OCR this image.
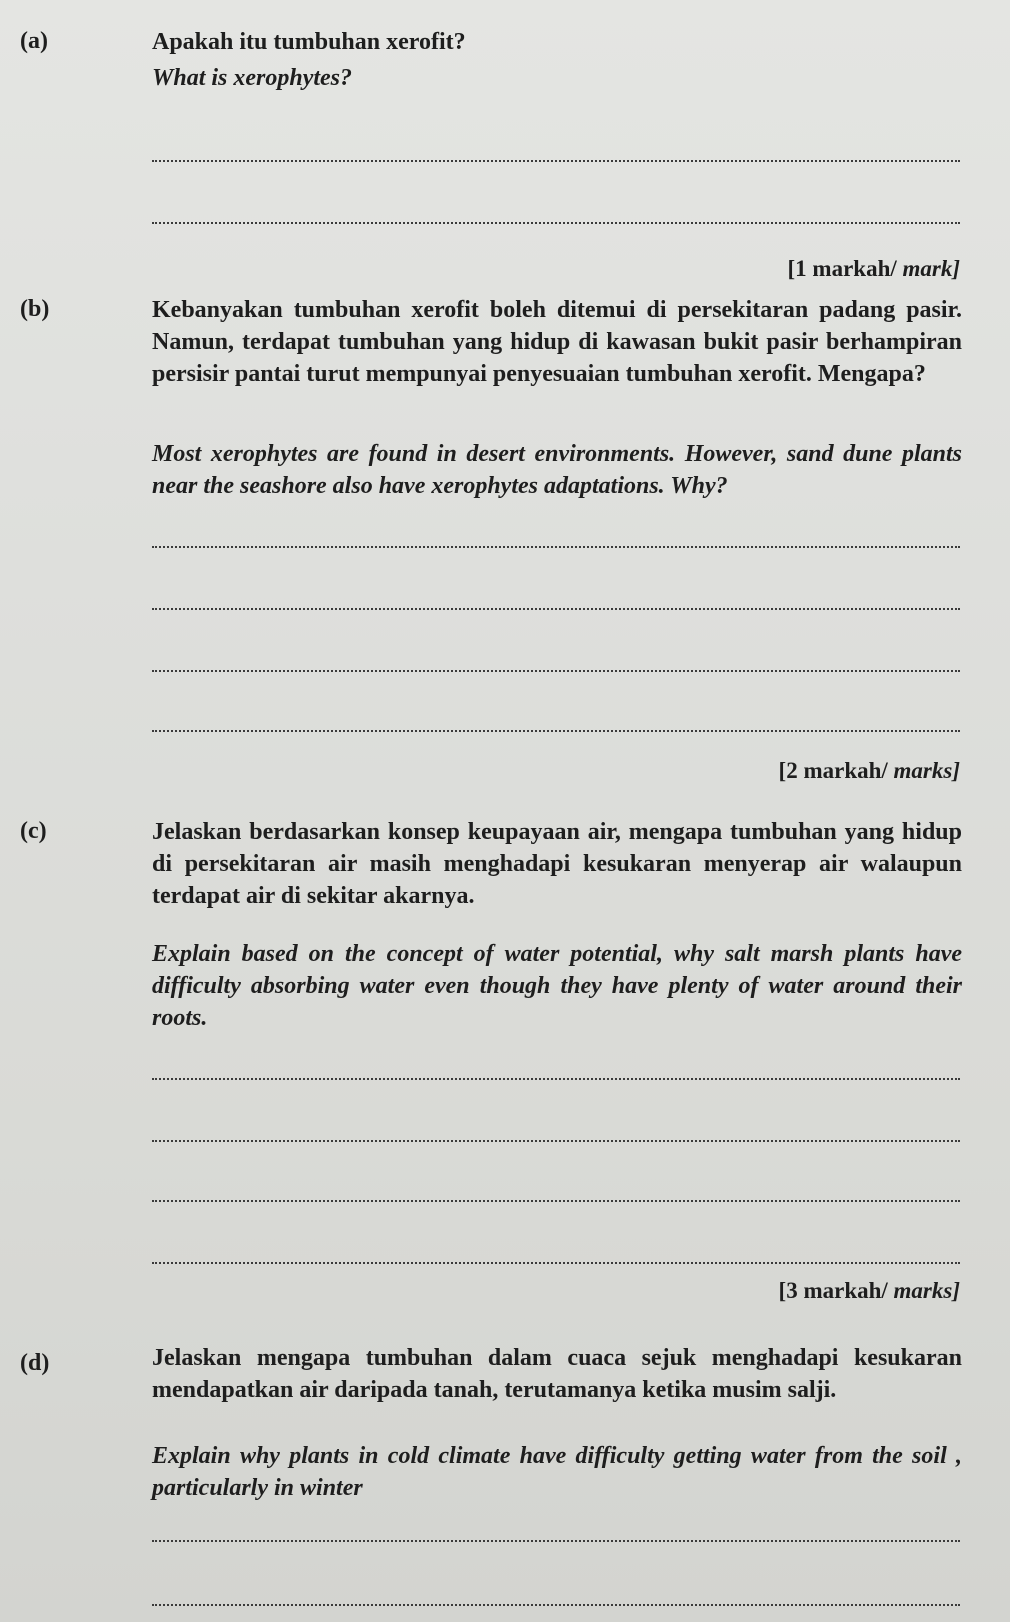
(a)	Apakah itu tumbuhan xerofit?
What is xerophytes?
[1 markah/ mark]
(b)	Kebanyakan tumbuhan xerofit boleh ditemui di persekitaran padang pasir. Namun, terdapat tumbuhan yang hidup di kawasan bukit pasir berhampiran persisir pantai turut mempunyai penyesuaian tumbuhan xerofit. Mengapa?
Most xerophytes are found in desert environments. However, sand dune plants near the seashore also have xerophytes adaptations. Why?
[2 markah/ marks]
(c)	Jelaskan berdasarkan konsep keupayaan air, mengapa tumbuhan yang hidup di persekitaran air masih menghadapi kesukaran menyerap air walaupun terdapat air di sekitar akarnya.
Explain based on the concept of water potential, why salt marsh plants have difficulty absorbing water even though they have plenty of water around their roots.
[3 markah/ marks]
(d)	Jelaskan mengapa tumbuhan dalam cuaca sejuk menghadapi kesukaran mendapatkan air daripada tanah, terutamanya ketika musim salji.
Explain why plants in cold climate have difficulty getting water from the soil , particularly in winter
